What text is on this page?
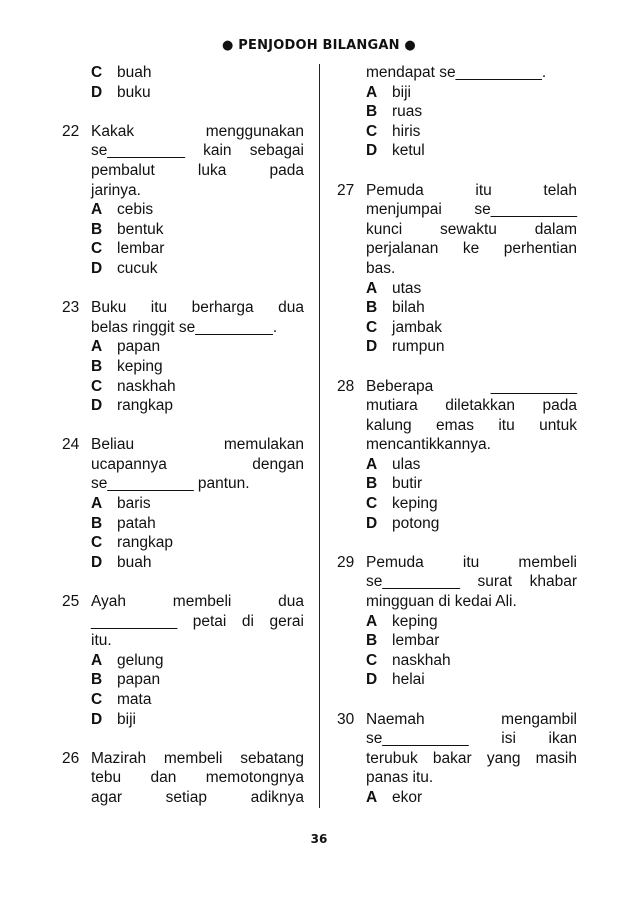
● PENJODOH BILANGAN ●
C buah
D buku
22 Kakak menggunakan
se_________ kain sebagai
pembalut luka pada
jarinya.
A cebis
B bentuk
C lembar
D cucuk
23 Buku itu berharga dua
belas ringgit se_________.
A papan
B keping
C naskhah
D rangkap
24 Beliau memulakan
ucapannya dengan
se__________ pantun.
A baris
B patah
C rangkap
D buah
25 Ayah membeli dua
__________ petai di gerai
itu.
A gelung
B papan
C mata
D biji
26 Mazirah membeli sebatang
tebu dan memotongnya
agar setiap adiknya
mendapat se__________.
A biji
B ruas
C hiris
D ketul
27 Pemuda itu telah
menjumpai se__________
kunci sewaktu dalam
perjalanan ke perhentian
bas.
A utas
B bilah
C jambak
D rumpun
28 Beberapa __________
mutiara diletakkan pada
kalung emas itu untuk
mencantikkannya.
A ulas
B butir
C keping
D potong
29 Pemuda itu membeli
se_________ surat khabar
mingguan di kedai Ali.
A keping
B lembar
C naskhah
D helai
30 Naemah mengambil
se__________ isi ikan
terubuk bakar yang masih
panas itu.
A ekor
36
